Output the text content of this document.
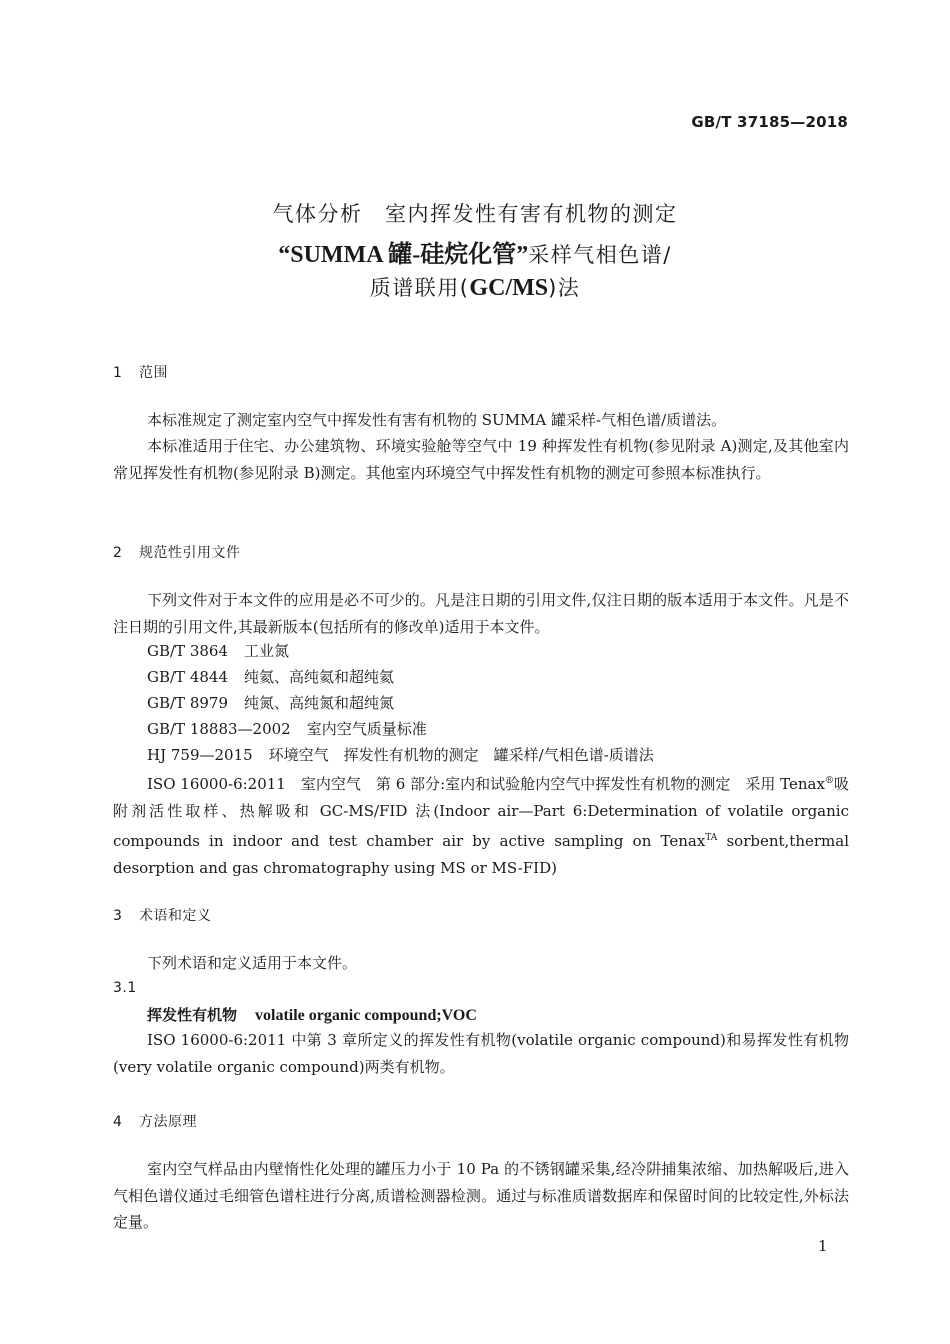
GB/T 37185—2018
气体分析　室内挥发性有害有机物的测定
“SUMMA 罐-硅烷化管”采样气相色谱/
质谱联用(GC/MS)法
1 范围
本标准规定了测定室内空气中挥发性有害有机物的 SUMMA 罐采样-气相色谱/质谱法。
本标准适用于住宅、办公建筑物、环境实验舱等空气中 19 种挥发性有机物(参见附录 A)测定,及其他室内常见挥发性有机物(参见附录 B)测定。其他室内环境空气中挥发性有机物的测定可参照本标准执行。
2 规范性引用文件
下列文件对于本文件的应用是必不可少的。凡是注日期的引用文件,仅注日期的版本适用于本文件。凡是不注日期的引用文件,其最新版本(包括所有的修改单)适用于本文件。
GB/T 3864 工业氮
GB/T 4844 纯氦、高纯氦和超纯氦
GB/T 8979 纯氮、高纯氮和超纯氮
GB/T 18883—2002 室内空气质量标准
HJ 759—2015 环境空气　挥发性有机物的测定　罐采样/气相色谱-质谱法
ISO 16000-6:2011　室内空气　第 6 部分:室内和试验舱内空气中挥发性有机物的测定　采用 Tenax®吸附剂活性取样、热解吸和 GC-MS/FID 法(Indoor air—Part 6:Determination of volatile organic compounds in indoor and test chamber air by active sampling on Tenax$^{TA}$ sorbent,thermal desorption and gas chromatography using MS or MS-FID)
3 术语和定义
下列术语和定义适用于本文件。
3.1
挥发性有机物 volatile organic compound;VOC
ISO 16000-6:2011 中第 3 章所定义的挥发性有机物(volatile organic compound)和易挥发性有机物(very volatile organic compound)两类有机物。
4 方法原理
室内空气样品由内壁惰性化处理的罐压力小于 10 Pa 的不锈钢罐采集,经冷阱捕集浓缩、加热解吸后,进入气相色谱仪通过毛细管色谱柱进行分离,质谱检测器检测。通过与标准质谱数据库和保留时间的比较定性,外标法定量。
1
